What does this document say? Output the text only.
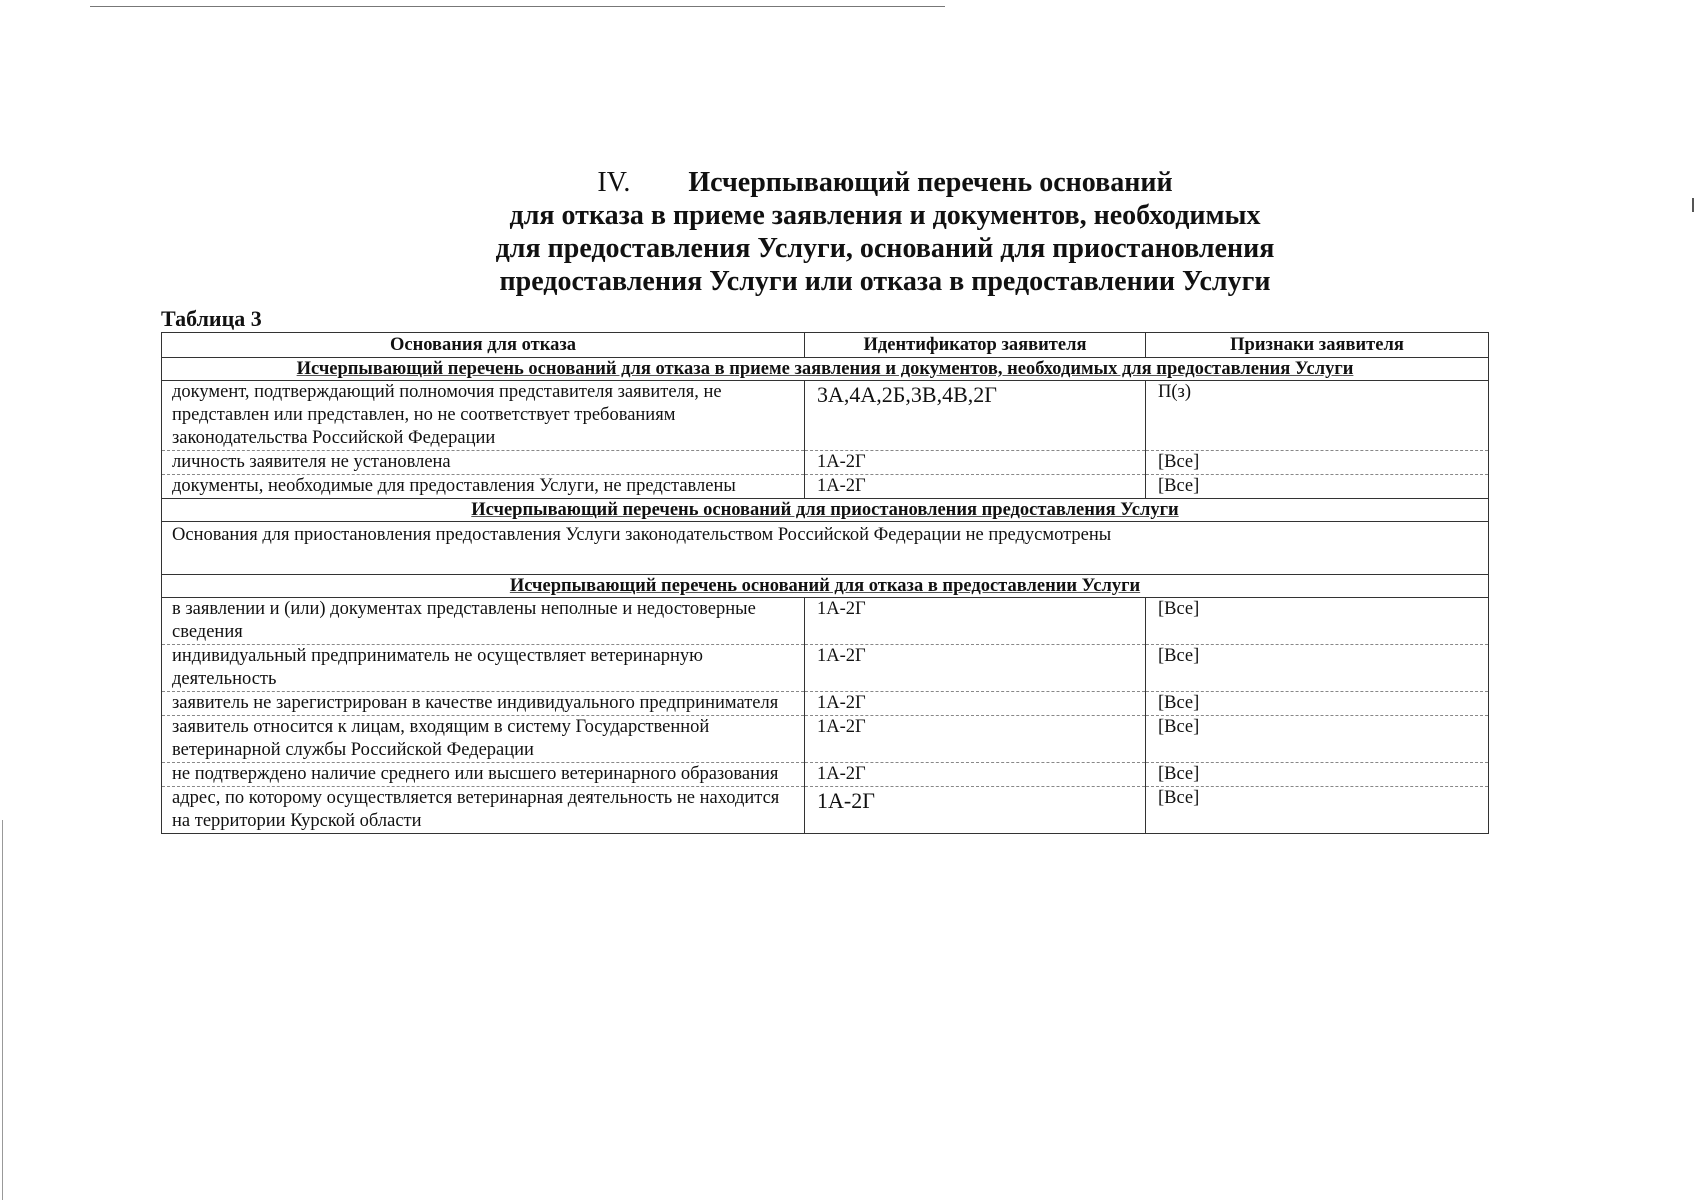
IV. Исчерпывающий перечень оснований
для отказа в приеме заявления и документов, необходимых
для предоставления Услуги, оснований для приостановления
предоставления Услуги или отказа в предоставлении Услуги
Таблица 3
Основания для отказа	Идентификатор заявителя	Признаки заявителя
Исчерпывающий перечень оснований для отказа в приеме заявления и документов, необходимых для предоставления Услуги		
документ, подтверждающий полномочия представителя заявителя, не представлен или представлен, но не соответствует требованиям законодательства Российской Федерации	3А,4А,2Б,3В,4В,2Г	П(з)
личность заявителя не установлена	1А-2Г	[Все]
документы, необходимые для предоставления Услуги, не представлены	1А-2Г	[Все]
Исчерпывающий перечень оснований для приостановления предоставления Услуги		
Основания для приостановления предоставления Услуги законодательством Российской Федерации не предусмотрены		
Исчерпывающий перечень оснований для отказа в предоставлении Услуги		
в заявлении и (или) документах представлены неполные и недостоверные сведения	1А-2Г	[Все]
индивидуальный предприниматель не осуществляет ветеринарную деятельность	1А-2Г	[Все]
заявитель не зарегистрирован в качестве индивидуального предпринимателя	1А-2Г	[Все]
заявитель относится к лицам, входящим в систему Государственной ветеринарной службы Российской Федерации	1А-2Г	[Все]
не подтверждено наличие среднего или высшего ветеринарного образования	1А-2Г	[Все]
адрес, по которому осуществляется ветеринарная деятельность не находится на территории Курской области	1А-2Г	[Все]
